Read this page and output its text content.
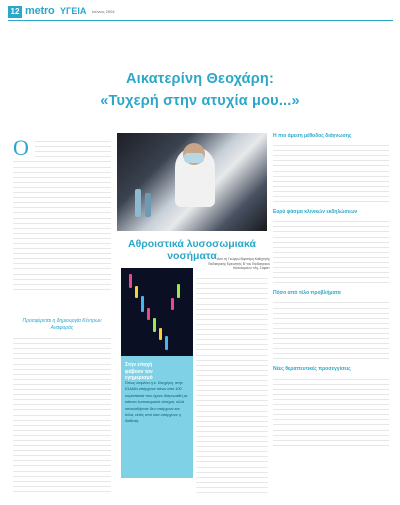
12 metro ΥΓΕΙΑ Ιούνιος 2004
Αικατερίνη Θεοχάρη:
«Τυχερή στην ατυχία μου...»
Ο
Προσφέρεται η δημιουργία Κέντρων Αναφοράς
Αθροιστικά λυσοσωμιακά νοσήματα Από τη Γεώργιο Βαρσάμη Καθηγητής Παιδιατρικής Ερευνητής Β' του Παιδιατρικού Νοσοκομείου «Αγ. Σοφία»
Στην εποχή φάβουν τον εγημερισμό
Όπως επιμένει η κ. Θεοχάρη, στην Ελλάδα υπάρχουν πάνω από 100 περιστατικά που έχουν διαγνωσθεί με κάποιο λυσοσωμιακό νόσημα, αλλά οποιοσδήποτε δεν υπάρχουν και άλλα, εκτός από όσα υπάρχουν η διάθεση.
Η πιο άμεση μέθοδος διάγνωσης
Ευρύ φάσμα κλινικών εκδηλώσεων
Πόσο από τέλο προβλήματα
Νέες θεραπευτικές προσεγγίσεις
